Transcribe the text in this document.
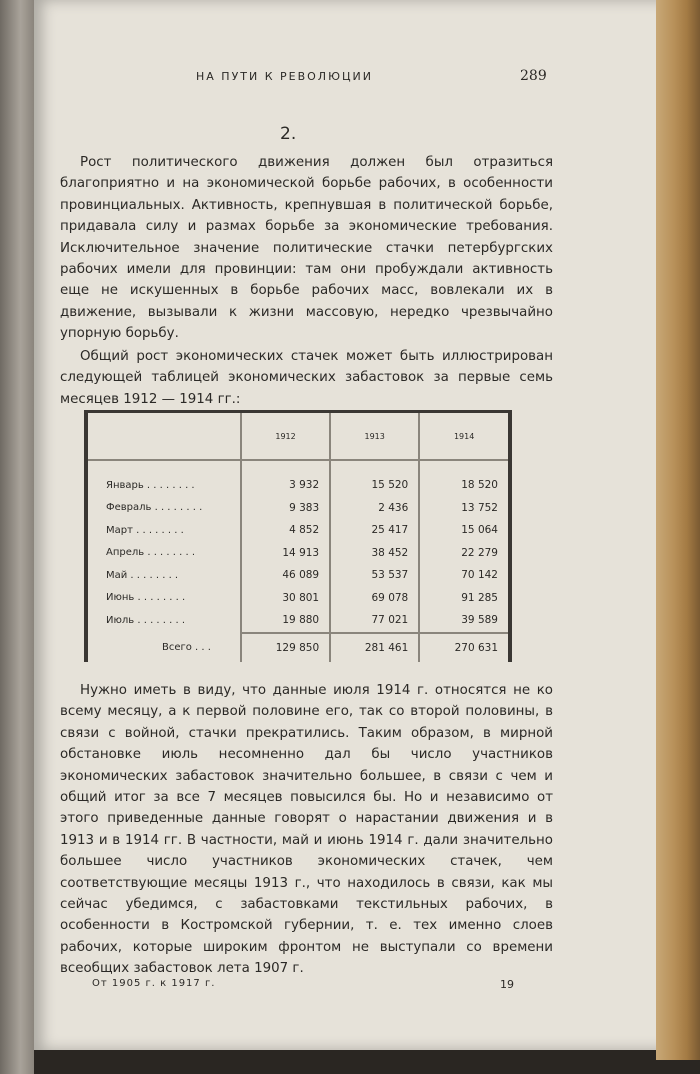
НА ПУТИ К РЕВОЛЮЦИИ	289
2.
Рост политического движения должен был отразиться благоприятно и на экономической борьбе рабочих, в особенности провинциальных. Активность, крепнувшая в политической борьбе, придавала силу и размах борьбе за экономические требования. Исключительное значение политические стачки петербургских рабочих имели для провинции: там они пробуждали активность еще не искушенных в борьбе рабочих масс, вовлекали их в движение, вызывали к жизни массовую, нередко чрезвычайно упорную борьбу.
Общий рост экономических стачек может быть иллюстрирован следующей таблицей экономических забастовок за первые семь месяцев 1912 — 1914 гг.:
	1912	1913	1914
Январь . . . . . . . .	3 932	15 520	18 520
Февраль . . . . . . . .	9 383	2 436	13 752
Март . . . . . . . .	4 852	25 417	15 064
Апрель . . . . . . . .	14 913	38 452	22 279
Май . . . . . . . .	46 089	53 537	70 142
Июнь . . . . . . . .	30 801	69 078	91 285
Июль . . . . . . . .	19 880	77 021	39 589
Всего . . .	129 850	281 461	270 631
Нужно иметь в виду, что данные июля 1914 г. относятся не ко всему месяцу, а к первой половине его, так со второй половины, в связи с войной, стачки прекратились. Таким образом, в мирной обстановке июль несомненно дал бы число участников экономических забастовок значительно большее, в связи с чем и общий итог за все 7 месяцев повысился бы. Но и независимо от этого приведенные данные говорят о нарастании движения и в 1913 и в 1914 гг. В частности, май и июнь 1914 г. дали значительно большее число участников экономических стачек, чем соответствующие месяцы 1913 г., что находилось в связи, как мы сейчас убедимся, с забастовками текстильных рабочих, в особенности в Костромской губернии, т. е. тех именно слоев рабочих, которые широким фронтом не выступали со времени всеобщих забастовок лета 1907 г.
От 1905 г. к 1917 г.	19
